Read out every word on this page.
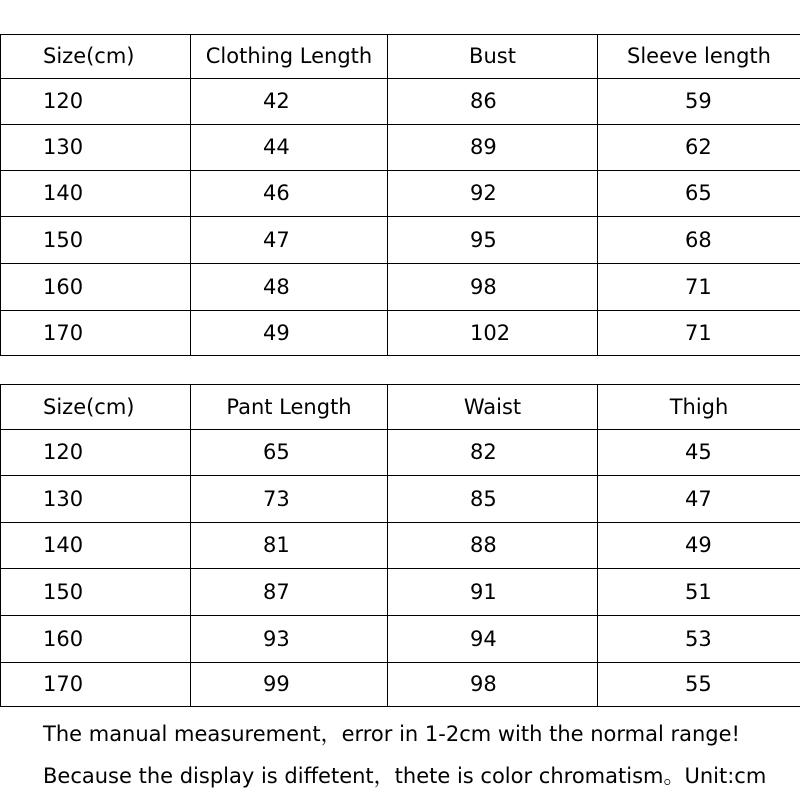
Size(cm)	Clothing Length	Bust	Sleeve length
120	42	86	59
130	44	89	62
140	46	92	65
150	47	95	68
160	48	98	71
170	49	102	71
Size(cm)	Pant Length	Waist	Thigh
120	65	82	45
130	73	85	47
140	81	88	49
150	87	91	51
160	93	94	53
170	99	98	55
The manual measurement，error in 1-2cm with the normal range!
Because the display is diffetent，thete is color chromatism。Unit:cm
